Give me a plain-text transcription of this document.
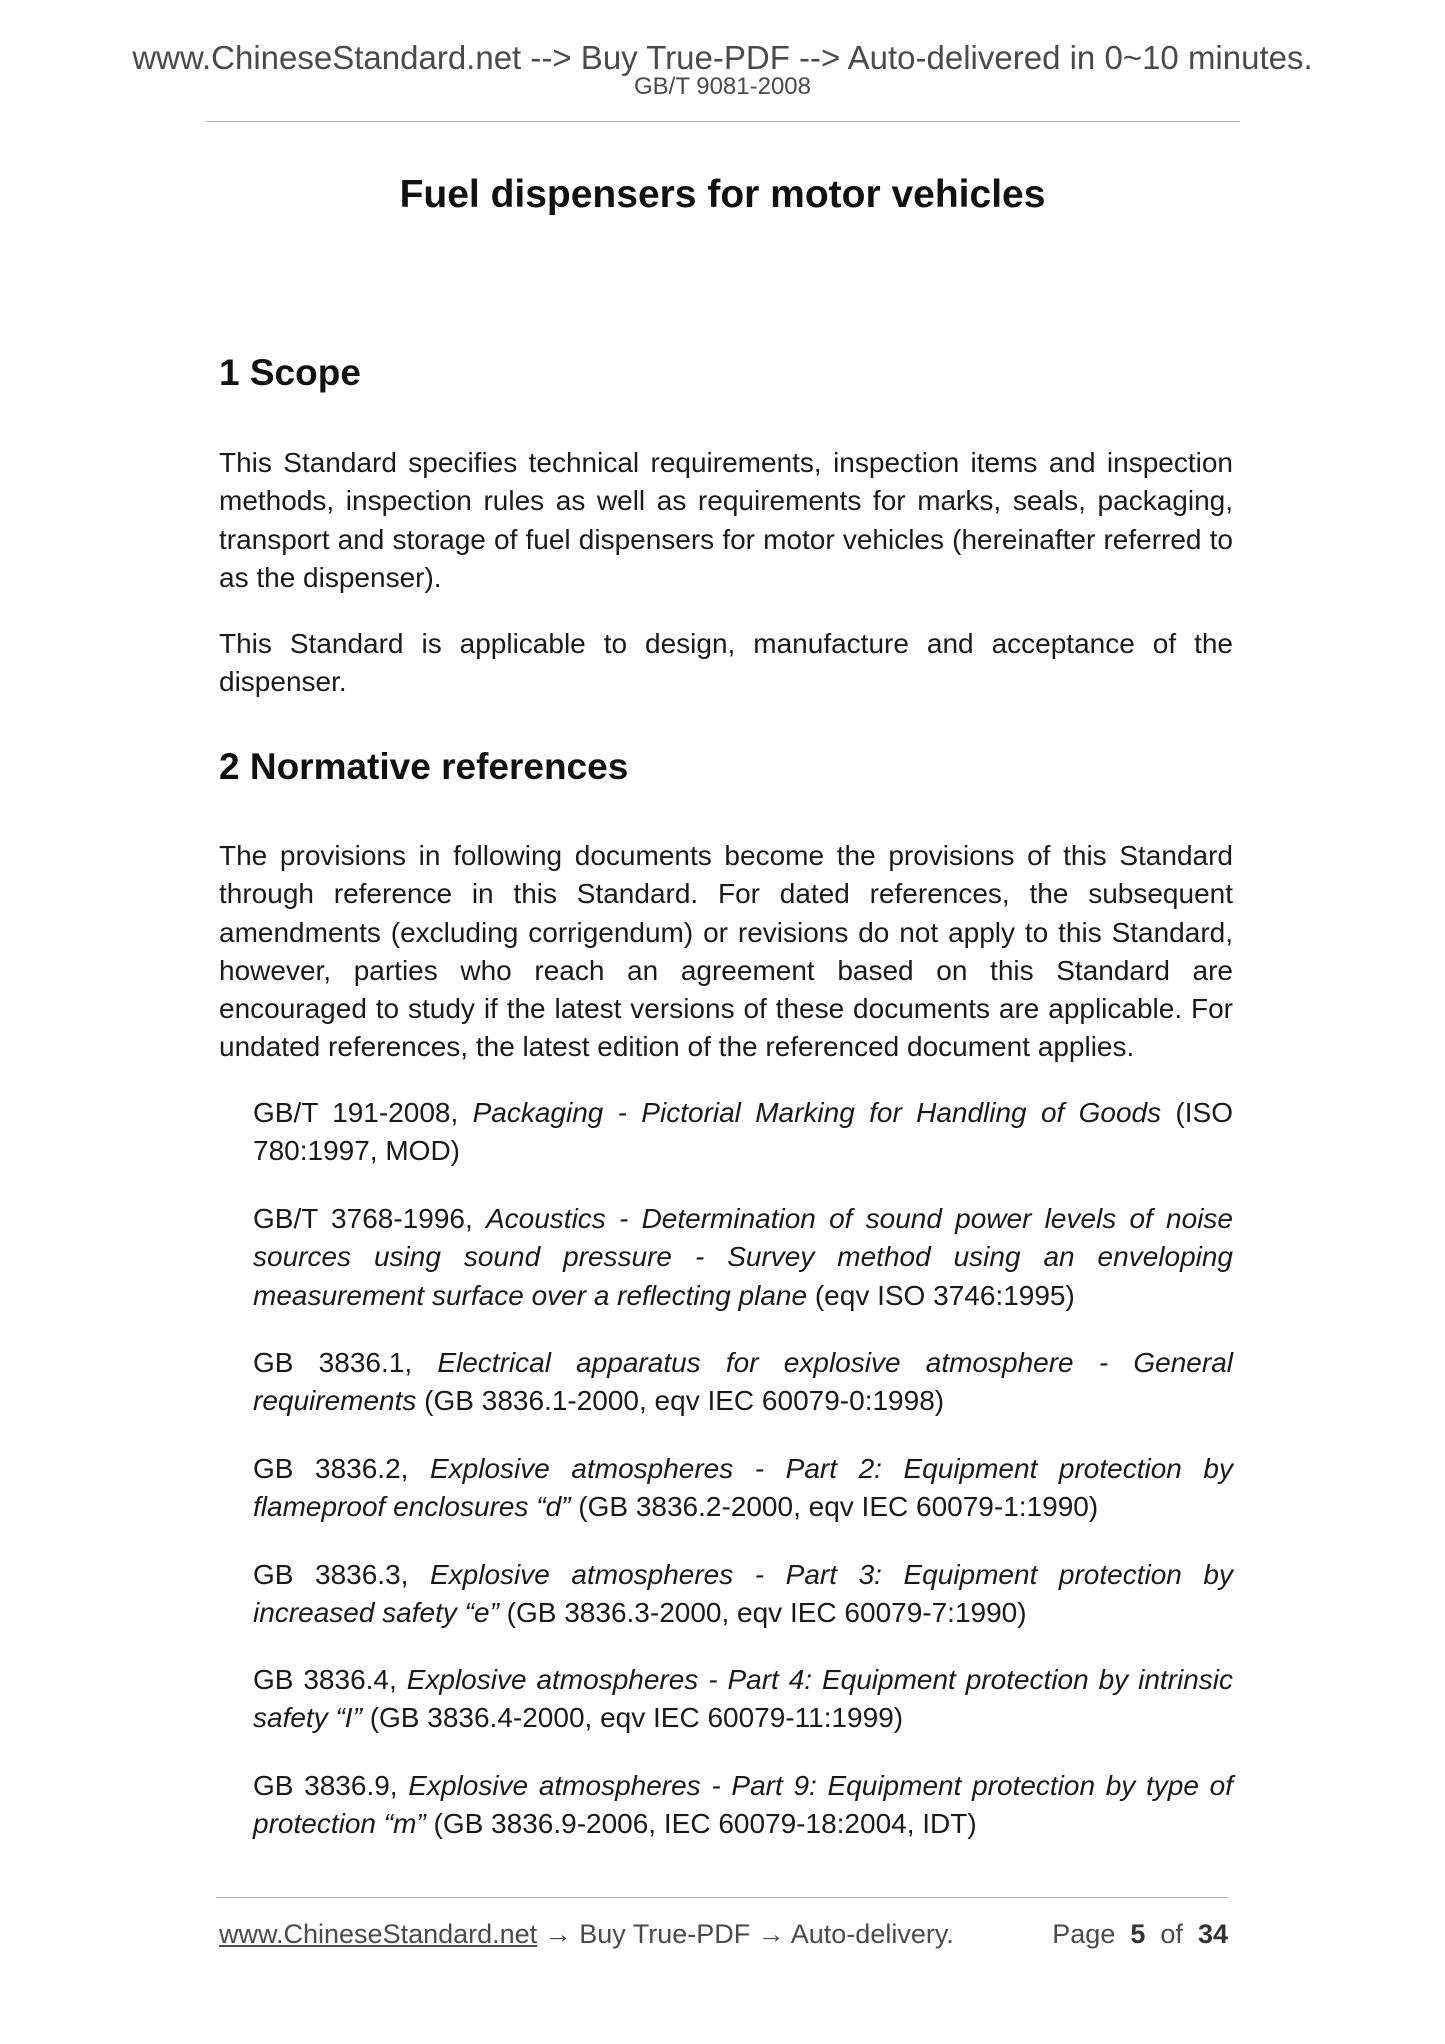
www.ChineseStandard.net --> Buy True-PDF --> Auto-delivered in 0~10 minutes.
GB/T 9081-2008
Fuel dispensers for motor vehicles
1 Scope
This Standard specifies technical requirements, inspection items and inspection methods, inspection rules as well as requirements for marks, seals, packaging, transport and storage of fuel dispensers for motor vehicles (hereinafter referred to as the dispenser).
This Standard is applicable to design, manufacture and acceptance of the dispenser.
2 Normative references
The provisions in following documents become the provisions of this Standard through reference in this Standard. For dated references, the subsequent amendments (excluding corrigendum) or revisions do not apply to this Standard, however, parties who reach an agreement based on this Standard are encouraged to study if the latest versions of these documents are applicable. For undated references, the latest edition of the referenced document applies.
GB/T 191-2008, Packaging - Pictorial Marking for Handling of Goods (ISO 780:1997, MOD)
GB/T 3768-1996, Acoustics - Determination of sound power levels of noise sources using sound pressure - Survey method using an enveloping measurement surface over a reflecting plane (eqv ISO 3746:1995)
GB 3836.1, Electrical apparatus for explosive atmosphere - General requirements (GB 3836.1-2000, eqv IEC 60079-0:1998)
GB 3836.2, Explosive atmospheres - Part 2: Equipment protection by flameproof enclosures “d” (GB 3836.2-2000, eqv IEC 60079-1:1990)
GB 3836.3, Explosive atmospheres - Part 3: Equipment protection by increased safety “e” (GB 3836.3-2000, eqv IEC 60079-7:1990)
GB 3836.4, Explosive atmospheres - Part 4: Equipment protection by intrinsic safety “I” (GB 3836.4-2000, eqv IEC 60079-11:1999)
GB 3836.9, Explosive atmospheres - Part 9: Equipment protection by type of protection “m” (GB 3836.9-2006, IEC 60079-18:2004, IDT)
www.ChineseStandard.net → Buy True-PDF → Auto-delivery.	Page 5 of 34
